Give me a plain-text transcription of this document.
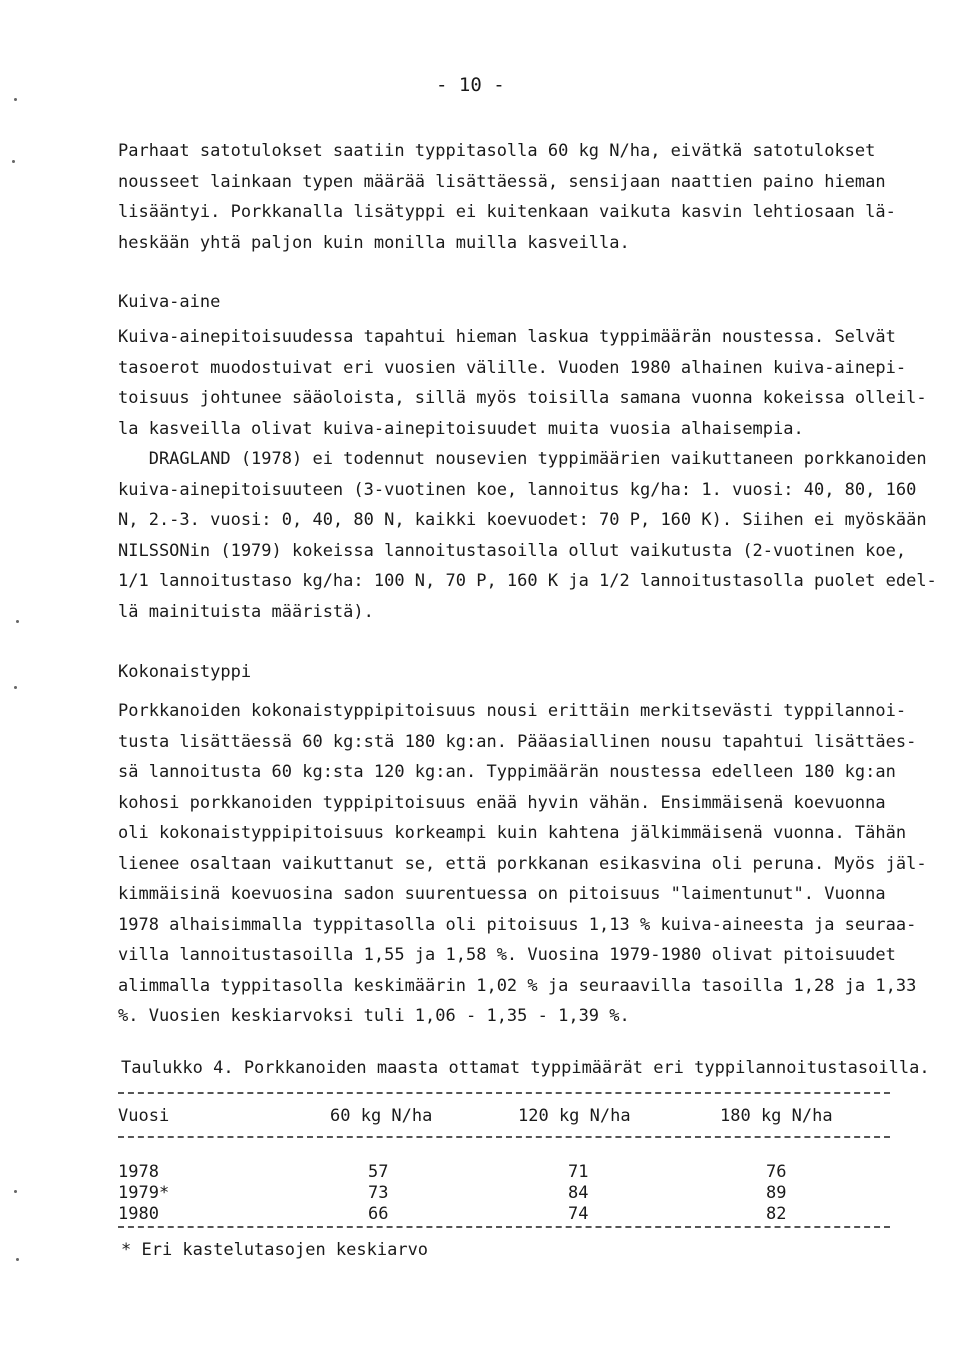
- 10 -
Parhaat satotulokset saatiin typpitasolla 60 kg N/ha, eivätkä satotulokset
nousseet lainkaan typen määrää lisättäessä, sensijaan naattien paino hieman
lisääntyi. Porkkanalla lisätyppi ei kuitenkaan vaikuta kasvin lehtiosaan lä-
heskään yhtä paljon kuin monilla muilla kasveilla.
Kuiva-aine
Kuiva-ainepitoisuudessa tapahtui hieman laskua typpimäärän noustessa. Selvät
tasoerot muodostuivat eri vuosien välille. Vuoden 1980 alhainen kuiva-ainepi-
toisuus johtunee sääoloista, sillä myös toisilla samana vuonna kokeissa olleil-
la kasveilla olivat kuiva-ainepitoisuudet muita vuosia alhaisempia.
DRAGLAND (1978) ei todennut nousevien typpimäärien vaikuttaneen porkkanoiden
kuiva-ainepitoisuuteen (3-vuotinen koe, lannoitus kg/ha: 1. vuosi: 40, 80, 160
N, 2.-3. vuosi: 0, 40, 80 N, kaikki koevuodet: 70 P, 160 K). Siihen ei myöskään
NILSSONin (1979) kokeissa lannoitustasoilla ollut vaikutusta (2-vuotinen koe,
1/1 lannoitustaso kg/ha: 100 N, 70 P, 160 K ja 1/2 lannoitustasolla puolet edel-
lä mainituista määristä).
Kokonaistyppi
Porkkanoiden kokonaistyppipitoisuus nousi erittäin merkitsevästi typpilannoi-
tusta lisättäessä 60 kg:stä 180 kg:an. Pääasiallinen nousu tapahtui lisättäes-
sä lannoitusta 60 kg:sta 120 kg:an. Typpimäärän noustessa edelleen 180 kg:an
kohosi porkkanoiden typpipitoisuus enää hyvin vähän. Ensimmäisenä koevuonna
oli kokonaistyppipitoisuus korkeampi kuin kahtena jälkimmäisenä vuonna. Tähän
lienee osaltaan vaikuttanut se, että porkkanan esikasvina oli peruna. Myös jäl-
kimmäisinä koevuosina sadon suurentuessa on pitoisuus "laimentunut". Vuonna
1978 alhaisimmalla typpitasolla oli pitoisuus 1,13 % kuiva-aineesta ja seuraa-
villa lannoitustasoilla 1,55 ja 1,58 %. Vuosina 1979-1980 olivat pitoisuudet
alimmalla typpitasolla keskimäärin 1,02 % ja seuraavilla tasoilla 1,28 ja 1,33
%. Vuosien keskiarvoksi tuli 1,06 - 1,35 - 1,39 %.
Taulukko 4. Porkkanoiden maasta ottamat typpimäärät eri typpilannoitustasoilla.
Vuosi	60 kg N/ha	120 kg N/ha	180 kg N/ha
1978	57	71	76
1979*	73	84	89
1980	66	74	82
* Eri kastelutasojen keskiarvo
